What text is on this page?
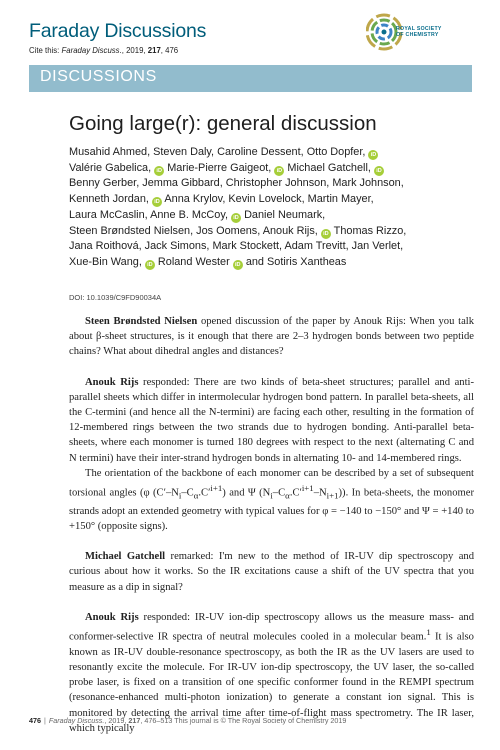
Faraday Discussions
Cite this: Faraday Discuss., 2019, 217, 476
ROYAL SOCIETY
OF CHEMISTRY
DISCUSSIONS
Going large(r): general discussion
Musahid Ahmed, Steven Daly, Caroline Dessent, Otto Dopfer, iD
Valérie Gabelica, iD Marie-Pierre Gaigeot, iD Michael Gatchell, iD
Benny Gerber, Jemma Gibbard, Christopher Johnson, Mark Johnson,
Kenneth Jordan, iD Anna Krylov, Kevin Lovelock, Martin Mayer,
Laura McCaslin, Anne B. McCoy, iD Daniel Neumark,
Steen Brøndsted Nielsen, Jos Oomens, Anouk Rijs, iD Thomas Rizzo,
Jana Roithová, Jack Simons, Mark Stockett, Adam Trevitt, Jan Verlet,
Xue-Bin Wang, iD Roland Wester iD and Sotiris Xantheas
DOI: 10.1039/C9FD90034A

Steen Brøndsted Nielsen opened discussion of the paper by Anouk Rijs: When you talk about β-sheet structures, is it enough that there are 2–3 hydrogen bonds between two peptide chains? What about dihedral angles and distances?

Anouk Rijs responded: There are two kinds of beta-sheet structures; parallel and anti-parallel sheets which differ in intermolecular hydrogen bond pattern. In parallel beta-sheets, all the C-termini (and hence all the N-termini) are facing each other, resulting in the formation of 12-membered rings between the two strands due to hydrogen bonding. Anti-parallel beta-sheets, where each monomer is turned 180 degrees with respect to the next (alternating C and N termini) have their inter-strand hydrogen bonds in alternating 10- and 14-membered rings.

The orientation of the backbone of each monomer can be described by a set of subsequent torsional angles (φ $(C'-N_i-C_\alpha.C'^{i+1})$ and Ψ $(N_i-C_\alpha.C'^{i+1}-N_{i+1})$). In beta-sheets, the monomer strands adopt an extended geometry with typical values for φ = −140 to −150° and Ψ = +140 to +150° (opposite signs).

Michael Gatchell remarked: I'm new to the method of IR-UV dip spectroscopy and curious about how it works. So the IR excitations cause a shift of the UV spectra that you measure as a dip in signal?

Anouk Rijs responded: IR-UV ion-dip spectroscopy allows us the measure mass- and conformer-selective IR spectra of neutral molecules cooled in a molecular beam.$^1$ It is also known as IR-UV double-resonance spectroscopy, as both the IR as the UV lasers are used to resonantly excite the molecule. For IR-UV ion-dip spectroscopy, the UV laser, the so-called probe laser, is fixed on a transition of one specific conformer found in the REMPI spectrum (resonance-enhanced multi-photon ionization) to generate a constant ion signal. This is monitored by detecting the arrival time after time-of-flight mass spectrometry. The IR laser, which typically

476 | Faraday Discuss., 2019, 217, 476–513 This journal is © The Royal Society of Chemistry 2019
